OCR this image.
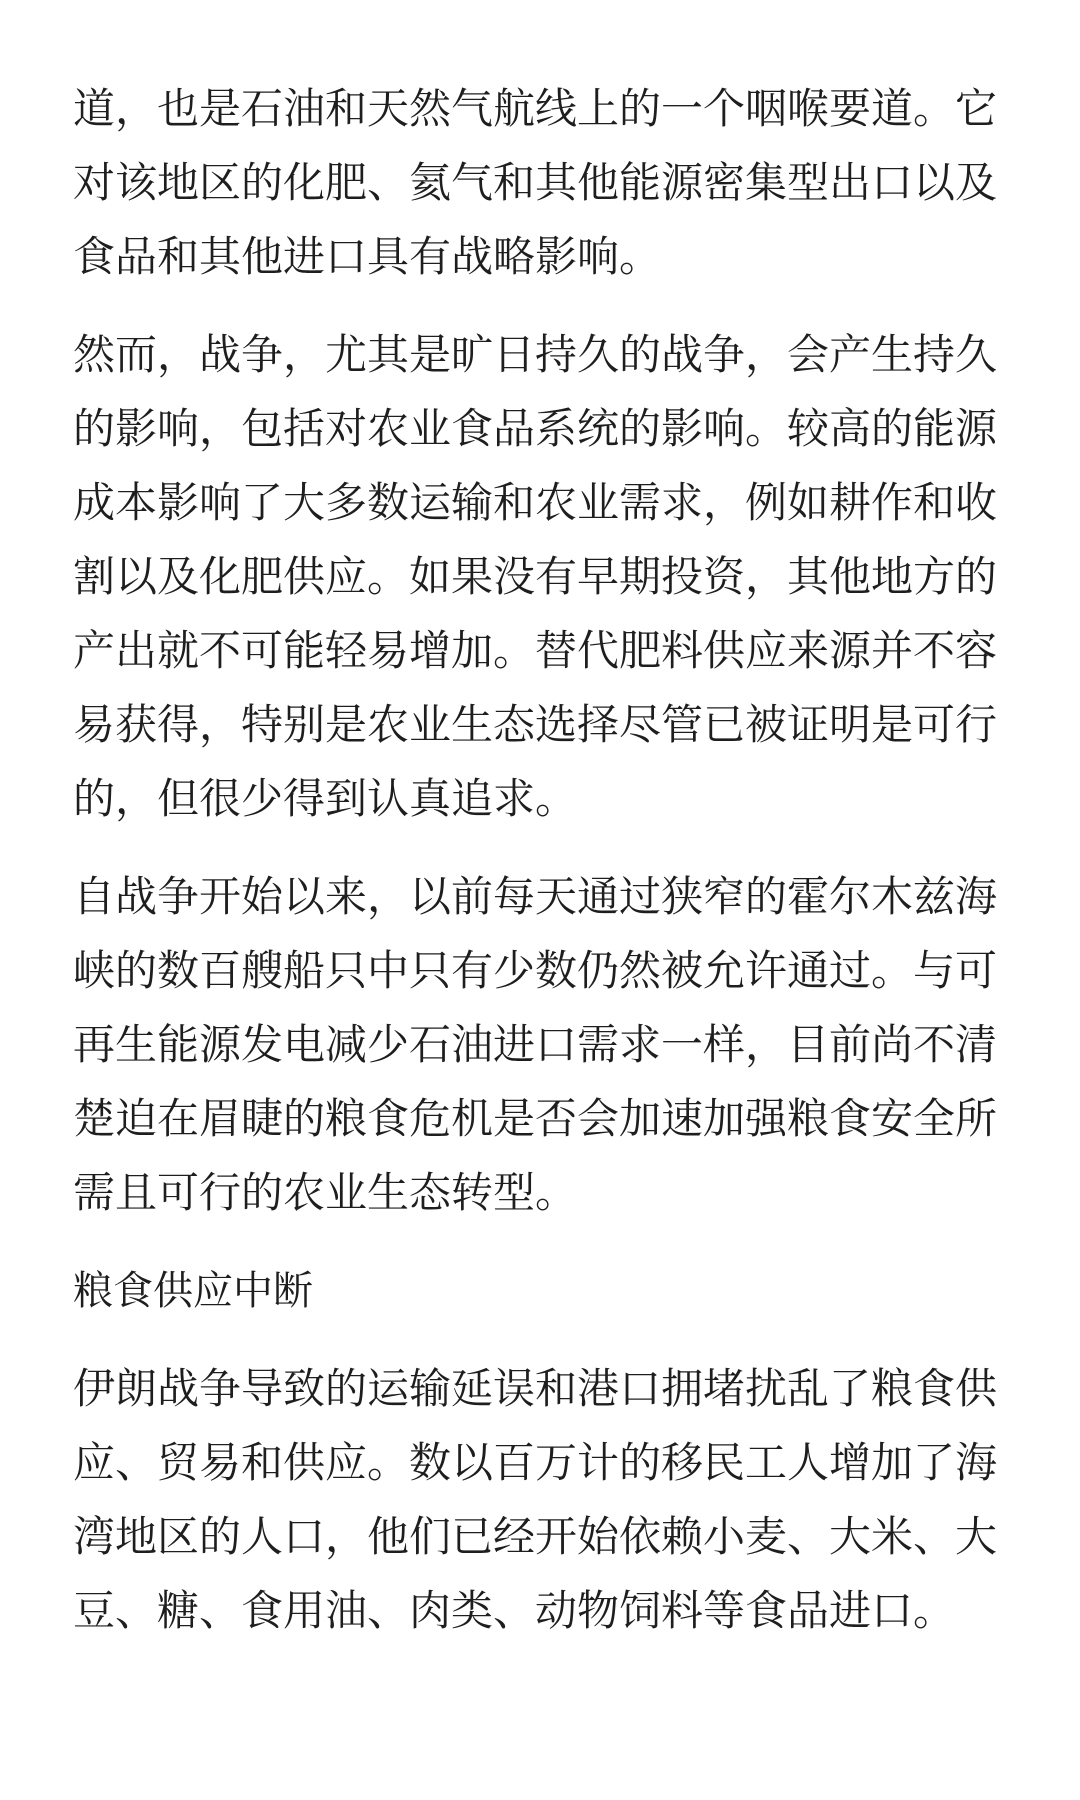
道，也是石油和天然气航线上的一个咽喉要道。它
对该地区的化肥、氦气和其他能源密集型出口以及
食品和其他进口具有战略影响。
然而，战争，尤其是旷日持久的战争，会产生持久
的影响，包括对农业食品系统的影响。较高的能源
成本影响了大多数运输和农业需求，例如耕作和收
割以及化肥供应。如果没有早期投资，其他地方的
产出就不可能轻易增加。替代肥料供应来源并不容
易获得，特别是农业生态选择尽管已被证明是可行
的，但很少得到认真追求。
自战争开始以来，以前每天通过狭窄的霍尔木兹海
峡的数百艘船只中只有少数仍然被允许通过。与可
再生能源发电减少石油进口需求一样，目前尚不清
楚迫在眉睫的粮食危机是否会加速加强粮食安全所
需且可行的农业生态转型。
粮食供应中断
伊朗战争导致的运输延误和港口拥堵扰乱了粮食供
应、贸易和供应。数以百万计的移民工人增加了海
湾地区的人口，他们已经开始依赖小麦、大米、大
豆、糖、食用油、肉类、动物饲料等食品进口。
